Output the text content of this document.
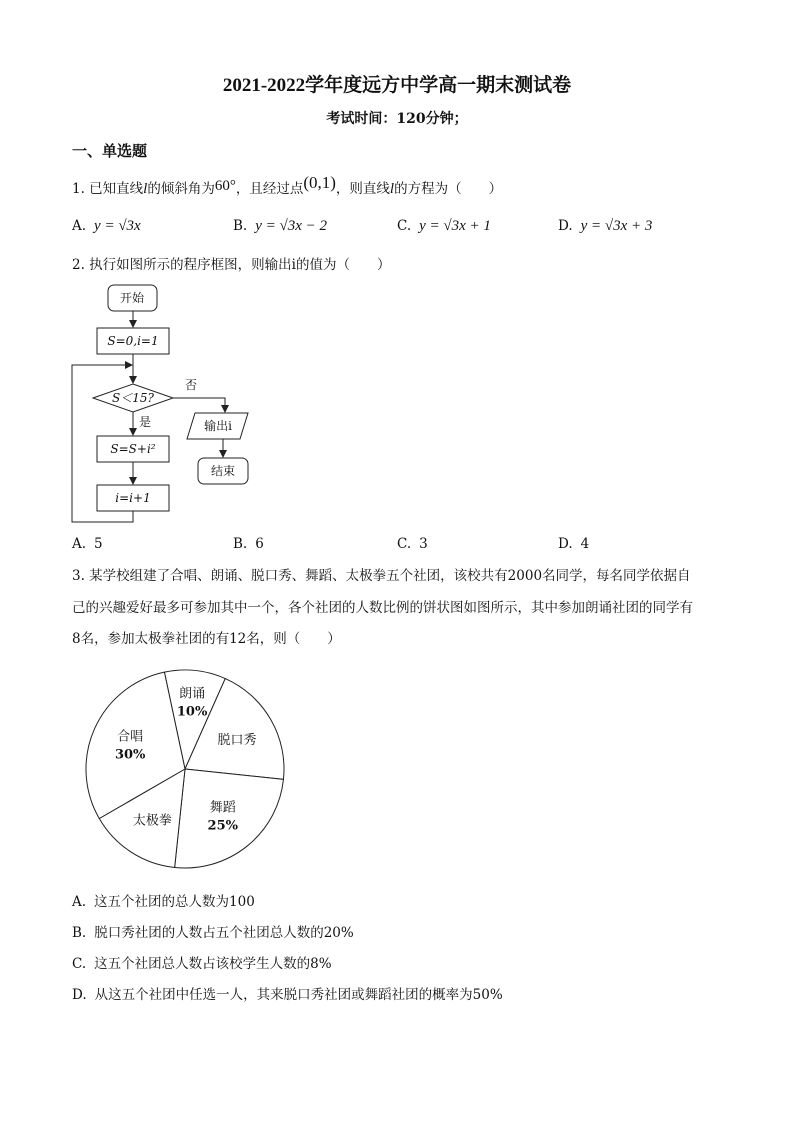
2021-2022学年度远方中学高一期末测试卷
考试时间：120分钟；
一、单选题
1. 已知直线l的倾斜角为60°，且经过点(0,1)，则直线l的方程为（　　）
A. y = √3x	B. y = √3x − 2	C. y = √3x + 1	D. y = √3x + 3
2. 执行如图所示的程序框图，则输出i的值为（　　）
开始
S=0,i=1
S＜15?
否
是
S=S+i²
i=i+1
输出i
结束
A. 5	B. 6	C. 3	D. 4
3. 某学校组建了合唱、朗诵、脱口秀、舞蹈、太极拳五个社团，该校共有2000名同学，每名同学依据自
己的兴趣爱好最多可参加其中一个，各个社团的人数比例的饼状图如图所示，其中参加朗诵社团的同学有
8名，参加太极拳社团的有12名，则（　　）
朗诵
10%
脱口秀
舞蹈
25%
太极拳
合唱
30%
A. 这五个社团的总人数为100
B. 脱口秀社团的人数占五个社团总人数的20%
C. 这五个社团总人数占该校学生人数的8%
D. 从这五个社团中任选一人，其来脱口秀社团或舞蹈社团的概率为50%
